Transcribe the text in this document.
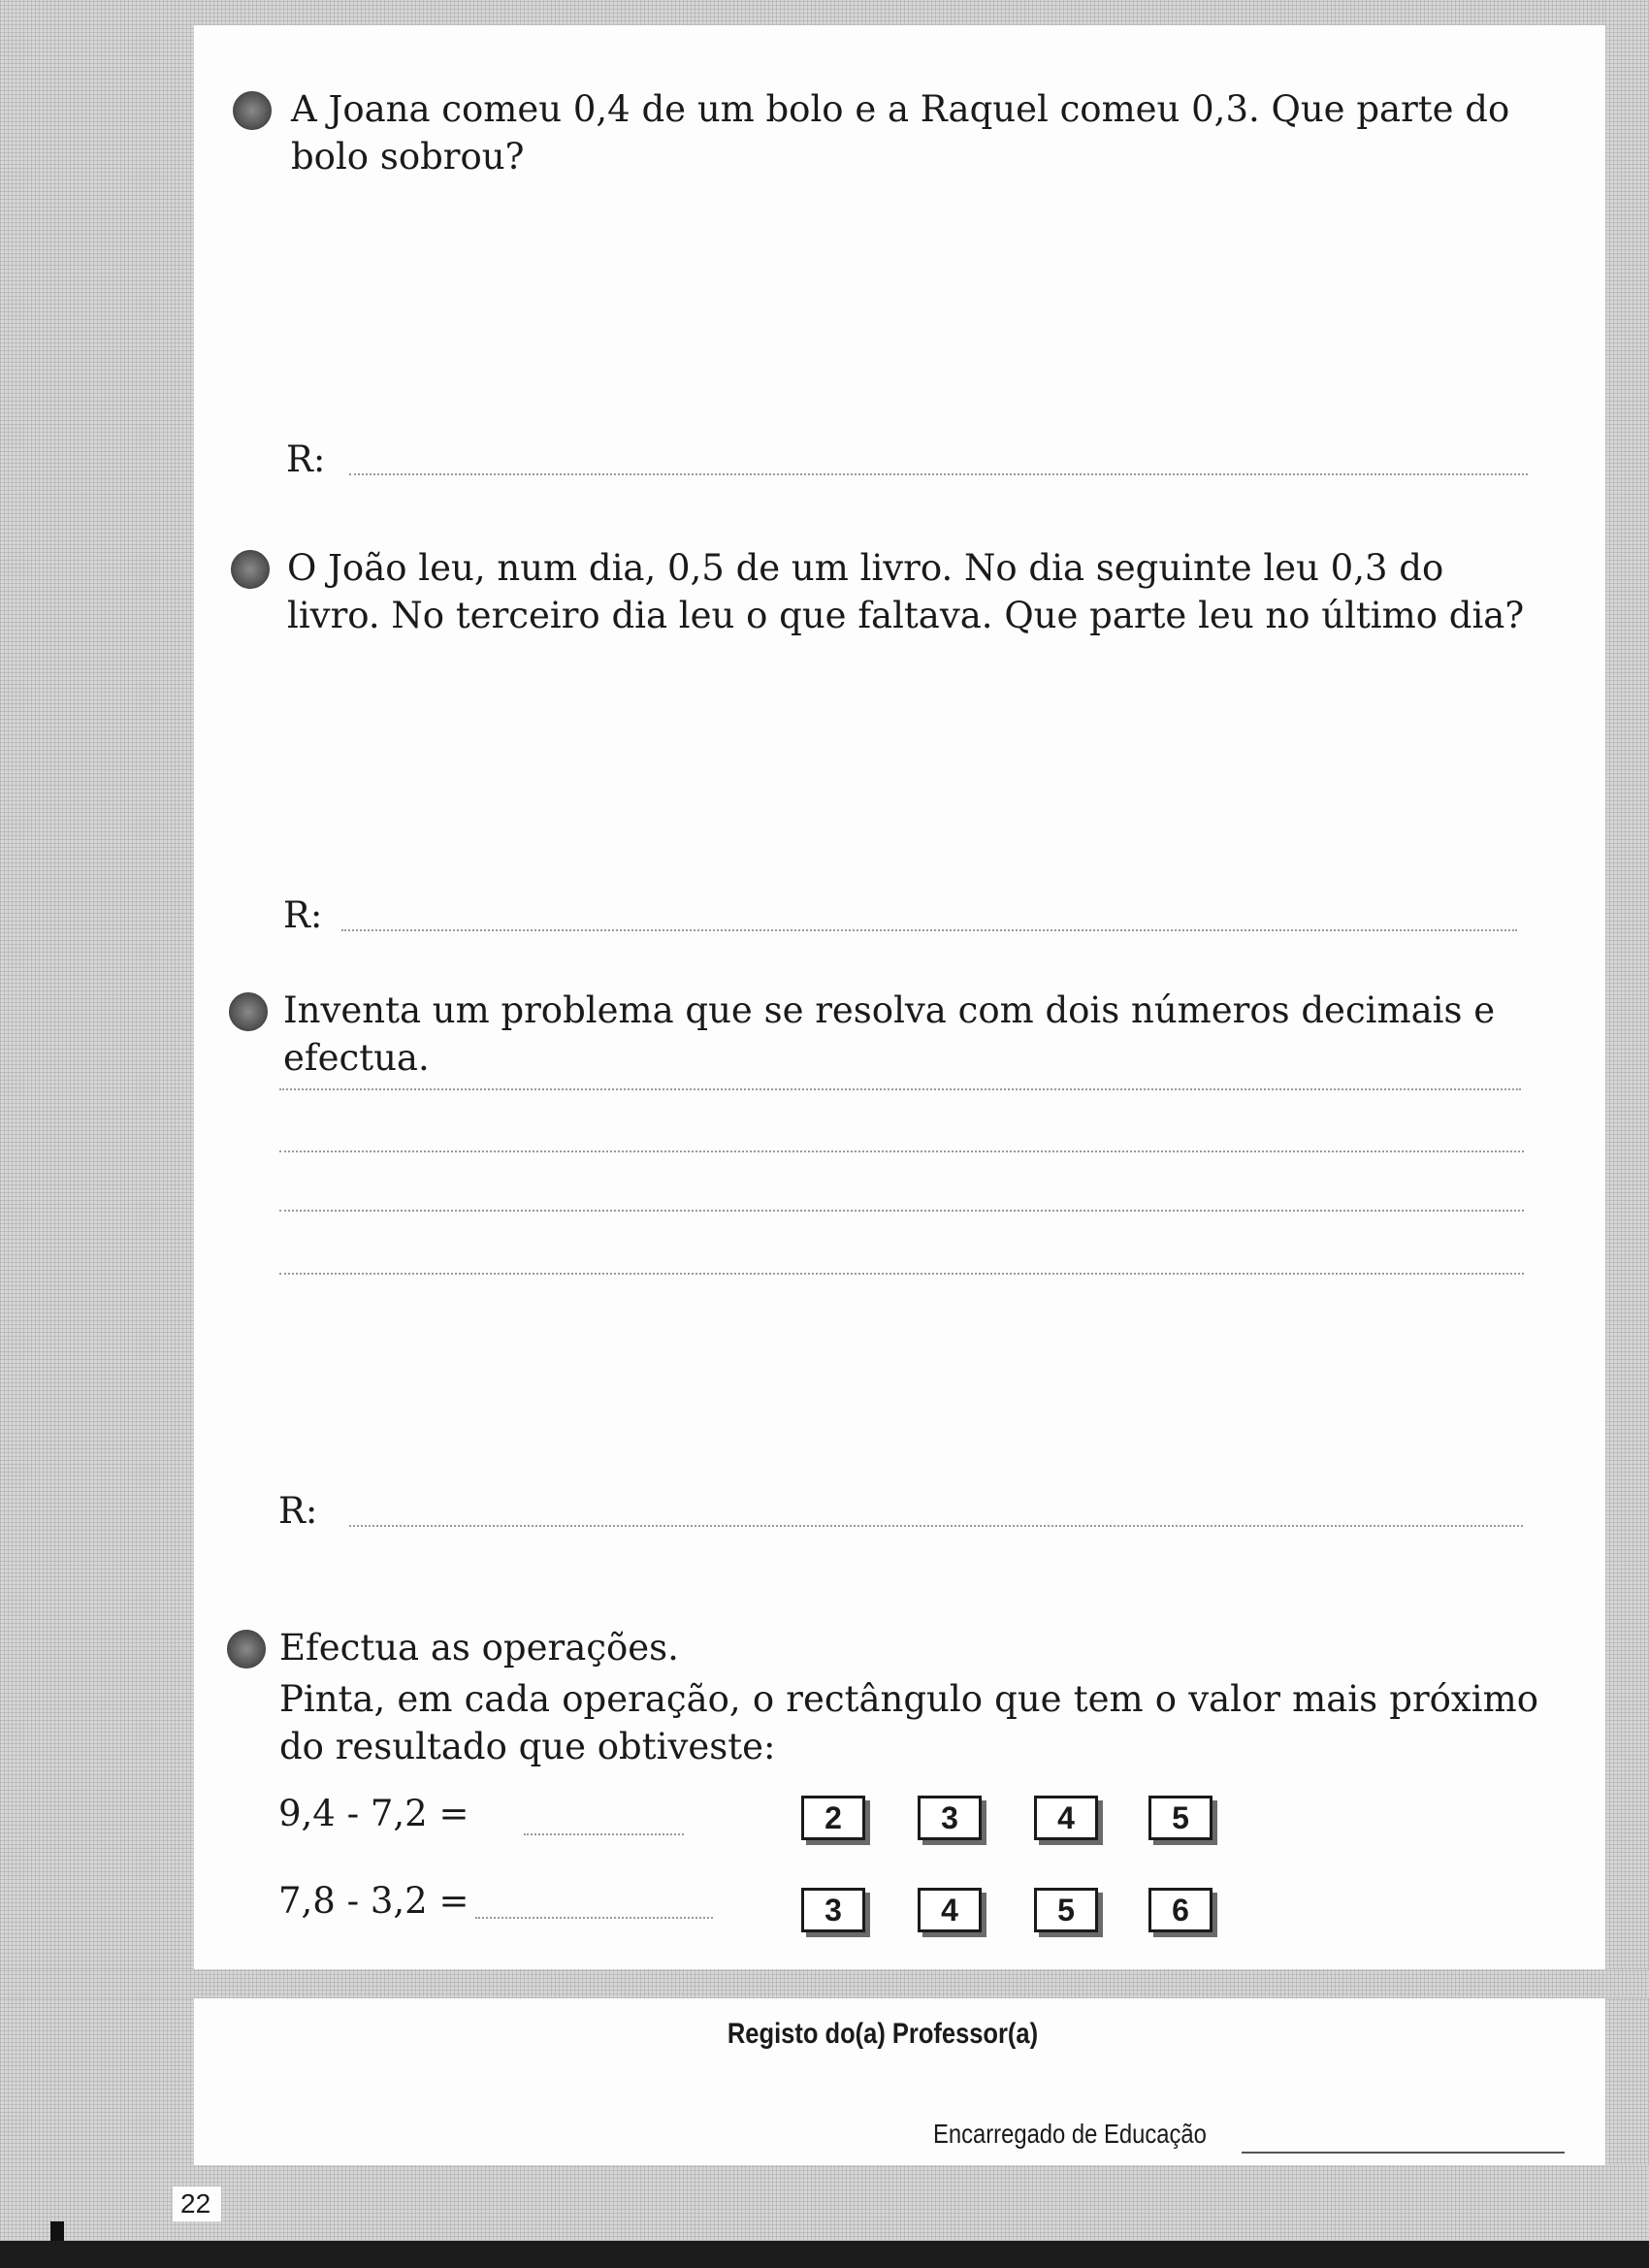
A Joana comeu 0,4 de um bolo e a Raquel comeu 0,3. Que parte do bolo sobrou?
R:
O João leu, num dia, 0,5 de um livro. No dia seguinte leu 0,3 do livro. No terceiro dia leu o que faltava. Que parte leu no último dia?
R:
Inventa um problema que se resolva com dois números decimais e efectua.
R:
Efectua as operações.
Pinta, em cada operação, o rectângulo que tem o valor mais próximo do resultado que obtiveste:
9,4 - 7,2 =	2	3	4	5
7,8 - 3,2 =	3	4	5	6
Registo do(a) Professor(a)
Encarregado de Educação
22
